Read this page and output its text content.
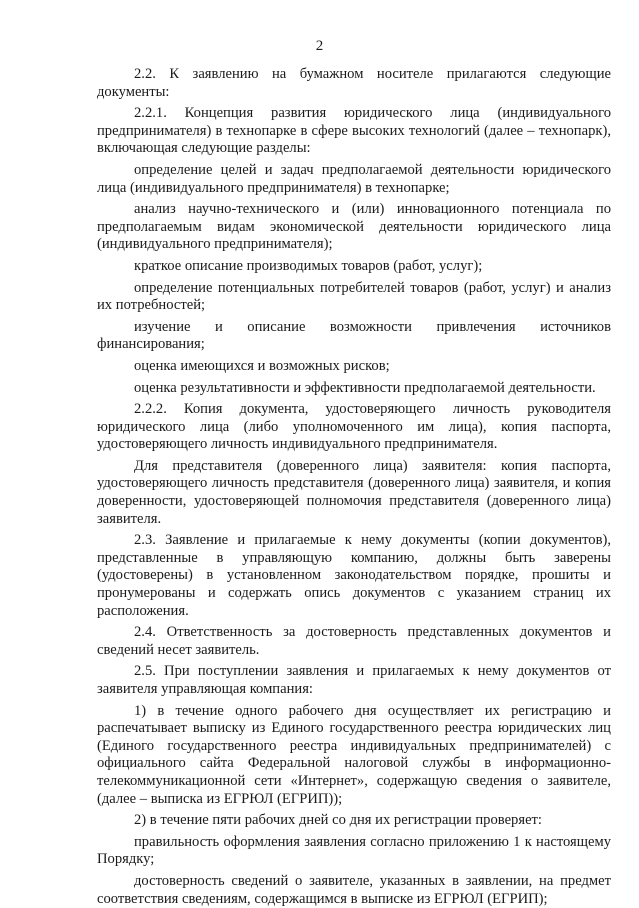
2

2.2. К заявлению на бумажном носителе прилагаются следующие документы:

2.2.1. Концепция развития юридического лица (индивидуального предпринимателя) в технопарке в сфере высоких технологий (далее – технопарк), включающая следующие разделы:

определение целей и задач предполагаемой деятельности юридического лица (индивидуального предпринимателя) в технопарке;

анализ научно-технического и (или) инновационного потенциала по предполагаемым видам экономической деятельности юридического лица (индивидуального предпринимателя);

краткое описание производимых товаров (работ, услуг);

определение потенциальных потребителей товаров (работ, услуг) и анализ их потребностей;

изучение и описание возможности привлечения источников финансирования;

оценка имеющихся и возможных рисков;

оценка результативности и эффективности предполагаемой деятельности.

2.2.2. Копия документа, удостоверяющего личность руководителя юридического лица (либо уполномоченного им лица), копия паспорта, удостоверяющего личность индивидуального предпринимателя.

Для представителя (доверенного лица) заявителя: копия паспорта, удостоверяющего личность представителя (доверенного лица) заявителя, и копия доверенности, удостоверяющей полномочия представителя (доверенного лица) заявителя.

2.3. Заявление и прилагаемые к нему документы (копии документов), представленные в управляющую компанию, должны быть заверены (удостоверены) в установленном законодательством порядке, прошиты и пронумерованы и содержать опись документов с указанием страниц их расположения.

2.4. Ответственность за достоверность представленных документов и сведений несет заявитель.

2.5. При поступлении заявления и прилагаемых к нему документов от заявителя управляющая компания:

1) в течение одного рабочего дня осуществляет их регистрацию и распечатывает выписку из Единого государственного реестра юридических лиц (Единого государственного реестра индивидуальных предпринимателей) с официального сайта Федеральной налоговой службы в информационно-телекоммуникационной сети «Интернет», содержащую сведения о заявителе, (далее – выписка из ЕГРЮЛ (ЕГРИП));

2) в течение пяти рабочих дней со дня их регистрации проверяет:

правильность оформления заявления согласно приложению 1 к настоящему Порядку;

достоверность сведений о заявителе, указанных в заявлении, на предмет соответствия сведениям, содержащимся в выписке из ЕГРЮЛ (ЕГРИП);
